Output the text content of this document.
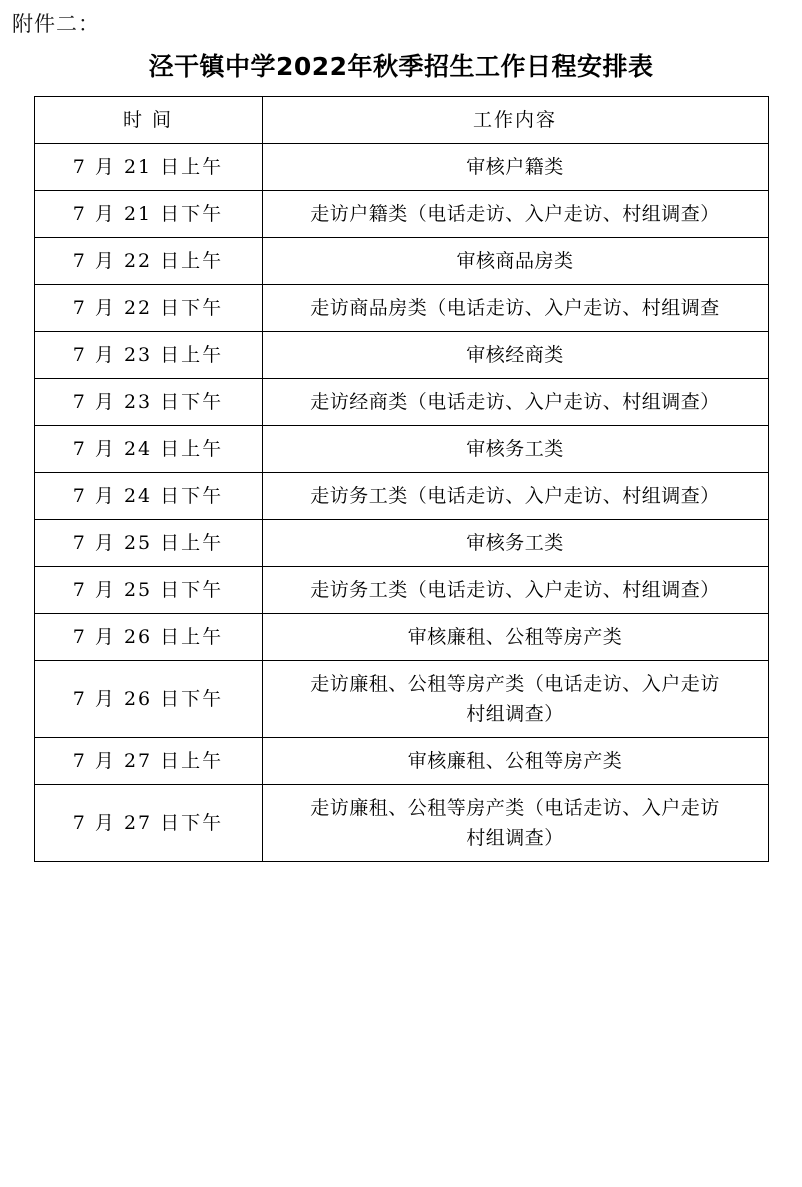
附件二：
泾干镇中学2022年秋季招生工作日程安排表
时 间	工作内容
7 月 21 日上午	审核户籍类
7 月 21 日下午	走访户籍类（电话走访、入户走访、村组调查）
7 月 22 日上午	审核商品房类
7 月 22 日下午	走访商品房类（电话走访、入户走访、村组调查
7 月 23 日上午	审核经商类
7 月 23 日下午	走访经商类（电话走访、入户走访、村组调查）
7 月 24 日上午	审核务工类
7 月 24 日下午	走访务工类（电话走访、入户走访、村组调查）
7 月 25 日上午	审核务工类
7 月 25 日下午	走访务工类（电话走访、入户走访、村组调查）
7 月 26 日上午	审核廉租、公租等房产类
7 月 26 日下午	走访廉租、公租等房产类（电话走访、入户走访
村组调查）
7 月 27 日上午	审核廉租、公租等房产类
7 月 27 日下午	走访廉租、公租等房产类（电话走访、入户走访
村组调查）
